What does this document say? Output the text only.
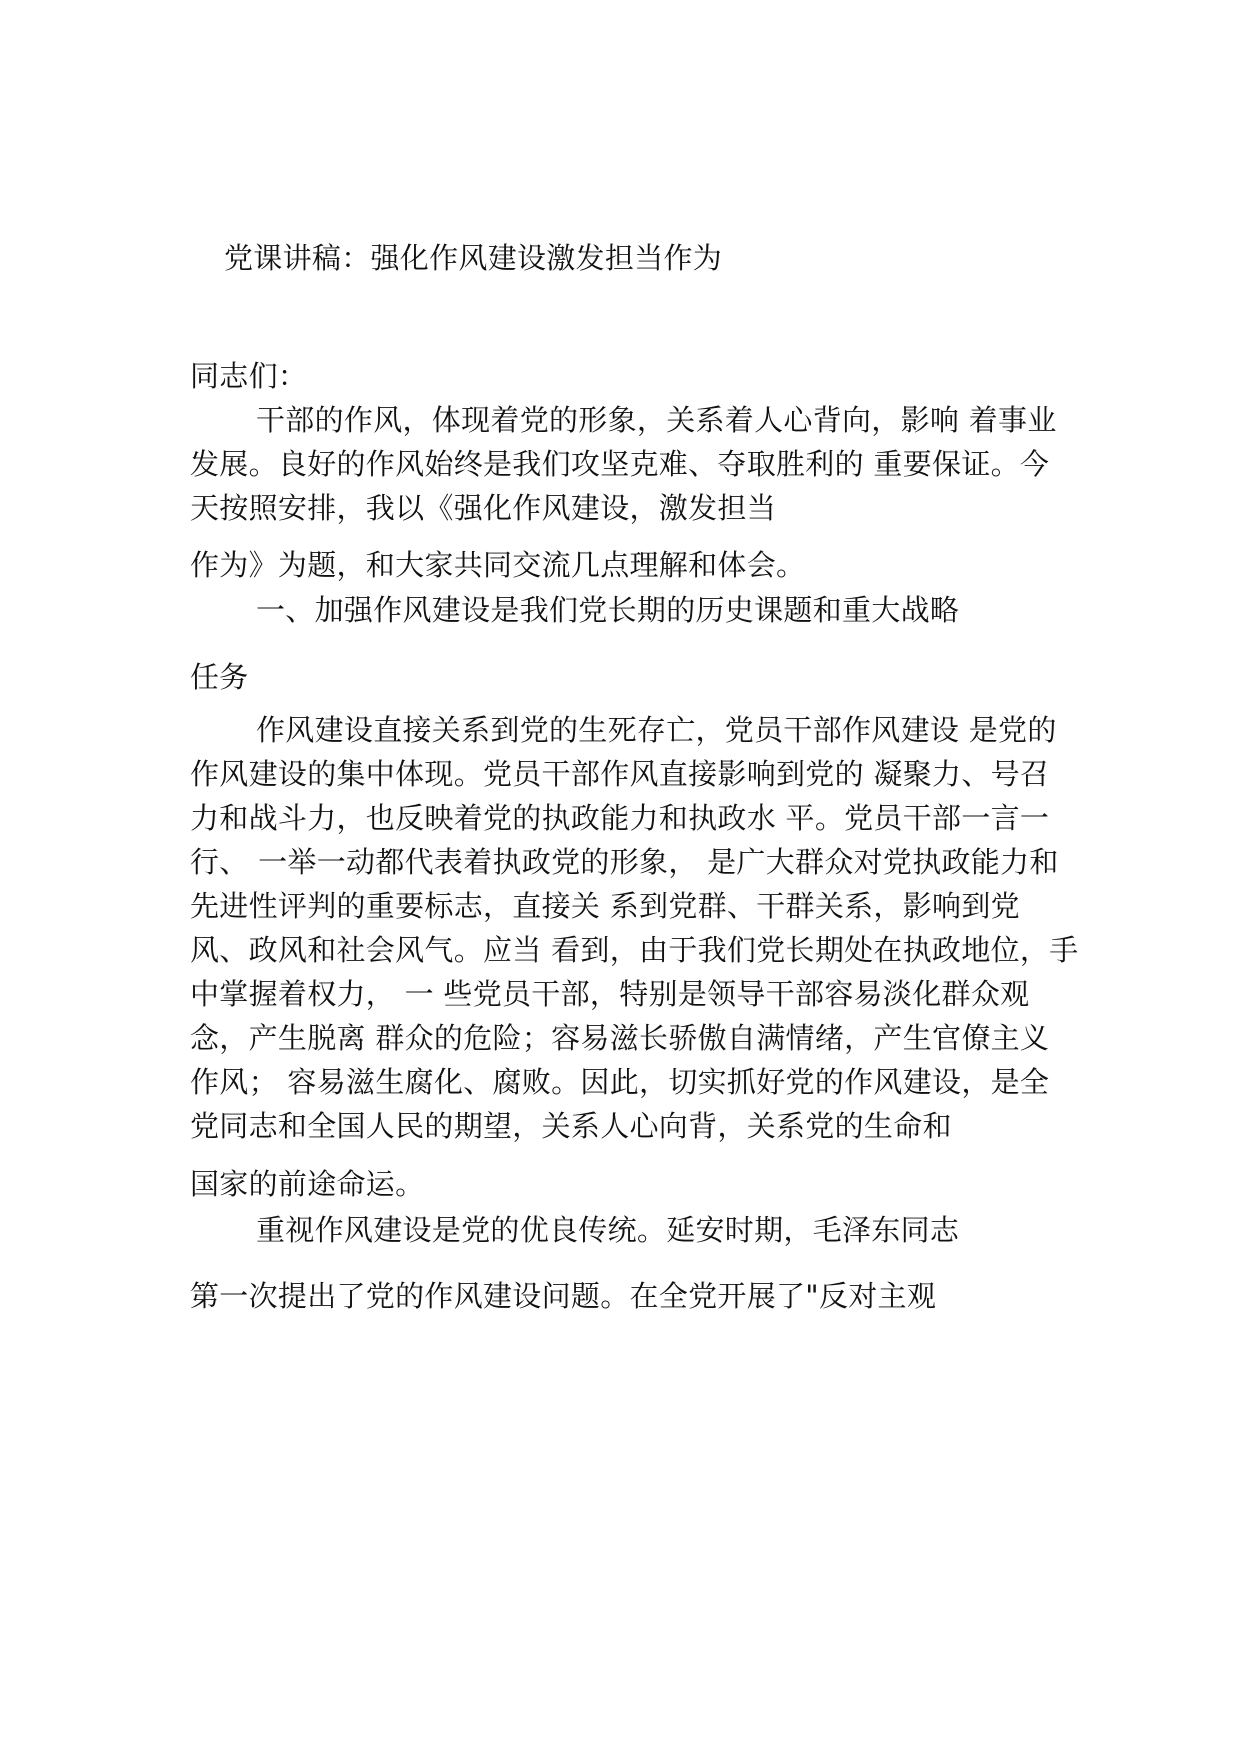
党课讲稿：强化作风建设激发担当作为
同志们：
干部的作风，体现着党的形象，关系着人心背向，影响 着事业
发展。良好的作风始终是我们攻坚克难、夺取胜利的 重要保证。今
天按照安排，我以《强化作风建设，激发担当
作为》为题，和大家共同交流几点理解和体会。
一、加强作风建设是我们党长期的历史课题和重大战略
任务
作风建设直接关系到党的生死存亡，党员干部作风建设 是党的
作风建设的集中体现。党员干部作风直接影响到党的 凝聚力、号召
力和战斗力，也反映着党的执政能力和执政水 平。党员干部一言一
行、 一举一动都代表着执政党的形象， 是广大群众对党执政能力和
先进性评判的重要标志，直接关 系到党群、干群关系，影响到党
风、政风和社会风气。应当 看到，由于我们党长期处在执政地位，手
中掌握着权力， 一 些党员干部，特别是领导干部容易淡化群众观
念，产生脱离 群众的危险；容易滋长骄傲自满情绪，产生官僚主义
作风； 容易滋生腐化、腐败。因此，切实抓好党的作风建设，是全
党同志和全国人民的期望，关系人心向背，关系党的生命和
国家的前途命运。
重视作风建设是党的优良传统。延安时期，毛泽东同志
第一次提出了党的作风建设问题。在全党开展了"反对主观
